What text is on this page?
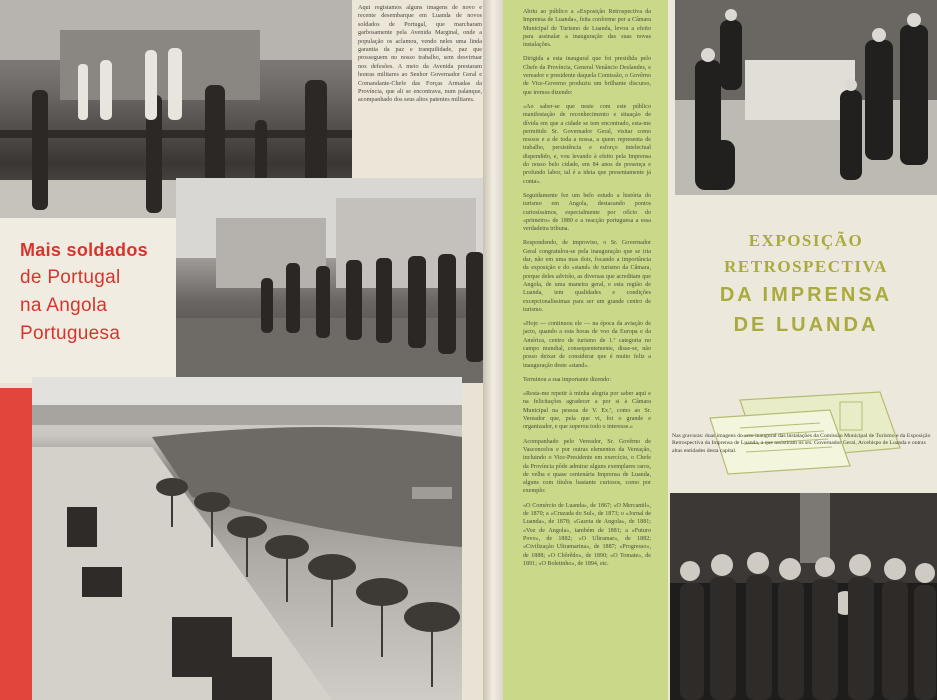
Aqui registamos alguns imagens de novo e recente desembarque em Luanda de novos soldados de Portugal, que marcharam garbosamente pela Avenida Marginal, onde a população os aclamou, vendo neles uma linda garantia da paz e tranquilidade, paz que prosseguem no nosso trabalho, sem desvirtuar nos defesões. A meio da Avenida prestaram honras militares ao Senhor Governador Geral e Comandante-Chefe das Forças Armadas da Província, que ali se encontrava, num palanque, acompanhado dos seus altos patentes militares.

Mais soldados
de Portugal
na Angola
Portuguesa

Abriu ao público a «Exposição Retrospectiva da Imprensa de Luanda», feita conforme por a Câmara Municipal de Turismo de Luanda, levou a efeito para assinalar a inauguração das suas novas instalações.

Dirigida a esta inaugural que foi presidida pelo Chefe da Província, General Venâncio Deslandes, e vereador e presidente daquela Comissão, o Govêrno de Vice-Governo produziu um brilhante discurso, que iremos dizendo:

«Ao saber-se que neste com este público manifestação de reconhecimento e situação de dívida em que a cidade se tem encontrado, esta-me permitido Sr. Governador Geral, visitar como nossos e a de toda a nossa, a quem representa de trabalho, persistência e esforço intelectual dispendido, e, vou levando à efeito pela Imprensa do nosso belo cidade, em 84 anos de presença e profundo labor, tal é a ideia que presentamente já conta».

Seguidamente fez um belo estudo a história do turismo em Angola, destacando pontos curiosíssimos, especialmente por ofício do «primeiro» de 1880 e a reacção portuguesa a essa verdadeira tribuna.

Respondendo, de improviso, o Sr. Governador Geral congratulou-se pela inauguração que se iria dar, não em uma mas dois, focando a importância da exposição e do «stand» de turismo da Câmara, porque deles advirão, as diversas que acreditam que Angola, de uma maneira geral, e esta região de Luanda, tem qualidades e condições excepcionalíssimas para ser um grande centro de turismo.

«Hoje — continuou ele — na época da aviação de jacto, quando a esta horas de voo da Europa e da América, centro de turismo de 1.ª categoria no campo mundial, consequentemente, disse-se, não posso deixar de considerar que é muito feliz a inauguração deste «stand».

Terminou a sua importante dizendo:

«Resta-me repetir à minha alegria por saber aqui e na felicitações agradecer a por si à Câmara Municipal na pessoa de V. Ex.ª, como ao Sr. Vereador que, pela que vi, foi o grande e organizador, e que superou todo o interesse.»

Acompanhado pelo Vereador, Sr. Govêrno de Vasconcelos e por outras elementos da Vereação, incluindo o Vice-Presidente em exercício, o Chefe da Província pôde admirar alguns exemplares raros, de velha e quase centenária Imprensa de Luanda, alguns com títulos bastante curiosos, como por exemplo:

«O Comércio de Luanda», de 1867; «O Mercantil», de 1870; a «Cruzada do Sul», de 1873; o «Jornal de Luanda», de 1878; «Gazeta de Angola», de 1881; «Voz de Angola», também de 1881; a «Futuro Povo», de 1882; «O Ultramar», de 1882; «Civilização Ultramarina», de 1887; «Progresso», de 1888; «O Chôrêdo», de 1890; «O Tomate», de 1891; «O Boletinho», de 1894, etc.

EXPOSIÇÃO RETROSPECTIVA
DA IMPRENSA
DE LUANDA

Nas gravuras: duas imagens do acto inaugural das instalações da Comissão Municipal de Turismo e da Exposição Retrospectiva da Imprensa de Luanda, a que assistiram os srs. Governador Geral, Arcebispo de Luanda e outras altas entidades desta capital.
